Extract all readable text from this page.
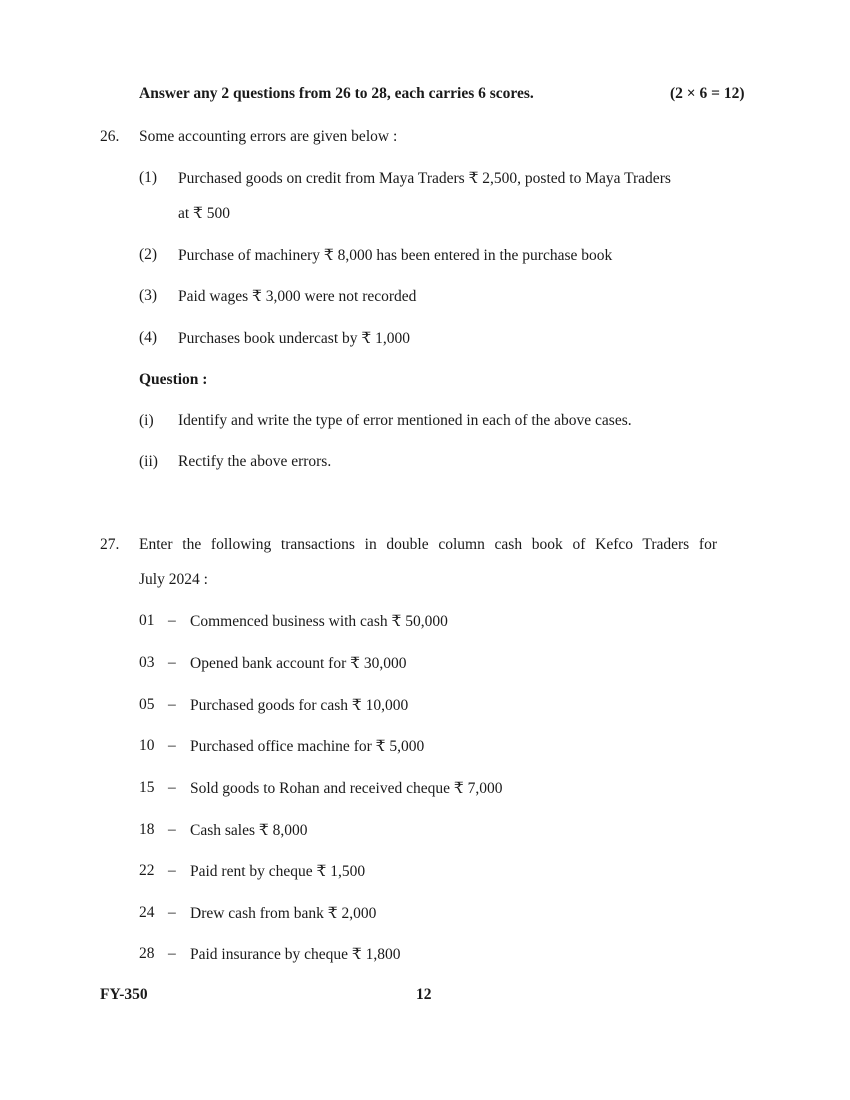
Answer any 2 questions from 26 to 28, each carries 6 scores.	(2 × 6 = 12)
26. Some accounting errors are given below :
(1) Purchased goods on credit from Maya Traders ₹ 2,500, posted to Maya Traders
at ₹ 500
(2) Purchase of machinery ₹ 8,000 has been entered in the purchase book
(3) Paid wages ₹ 3,000 were not recorded
(4) Purchases book undercast by ₹ 1,000
Question :
(i) Identify and write the type of error mentioned in each of the above cases.
(ii) Rectify the above errors.
27. Enter the following transactions in double column cash book of Kefco Traders for
July 2024 :
01 – Commenced business with cash ₹ 50,000
03 – Opened bank account for ₹ 30,000
05 – Purchased goods for cash ₹ 10,000
10 – Purchased office machine for ₹ 5,000
15 – Sold goods to Rohan and received cheque ₹ 7,000
18 – Cash sales ₹ 8,000
22 – Paid rent by cheque ₹ 1,500
24 – Drew cash from bank ₹ 2,000
28 – Paid insurance by cheque ₹ 1,800
FY-350	12
